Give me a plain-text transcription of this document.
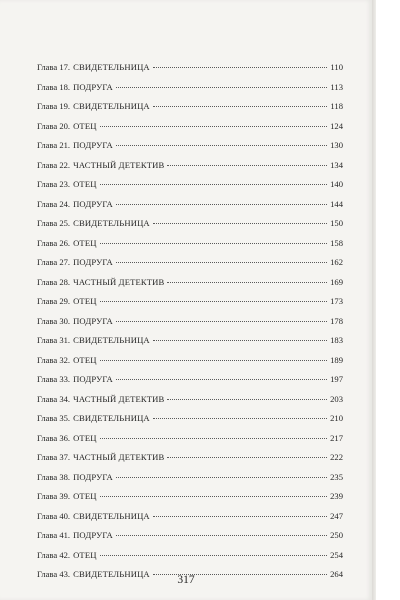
Глава 17. СВИДЕТЕЛЬНИЦА	110
Глава 18. ПОДРУГА	113
Глава 19. СВИДЕТЕЛЬНИЦА	118
Глава 20. ОТЕЦ	124
Глава 21. ПОДРУГА	130
Глава 22. ЧАСТНЫЙ ДЕТЕКТИВ	134
Глава 23. ОТЕЦ	140
Глава 24. ПОДРУГА	144
Глава 25. СВИДЕТЕЛЬНИЦА	150
Глава 26. ОТЕЦ	158
Глава 27. ПОДРУГА	162
Глава 28. ЧАСТНЫЙ ДЕТЕКТИВ	169
Глава 29. ОТЕЦ	173
Глава 30. ПОДРУГА	178
Глава 31. СВИДЕТЕЛЬНИЦА	183
Глава 32. ОТЕЦ	189
Глава 33. ПОДРУГА	197
Глава 34. ЧАСТНЫЙ ДЕТЕКТИВ	203
Глава 35. СВИДЕТЕЛЬНИЦА	210
Глава 36. ОТЕЦ	217
Глава 37. ЧАСТНЫЙ ДЕТЕКТИВ	222
Глава 38. ПОДРУГА	235
Глава 39. ОТЕЦ	239
Глава 40. СВИДЕТЕЛЬНИЦА	247
Глава 41. ПОДРУГА	250
Глава 42. ОТЕЦ	254
Глава 43. СВИДЕТЕЛЬНИЦА	264
317
